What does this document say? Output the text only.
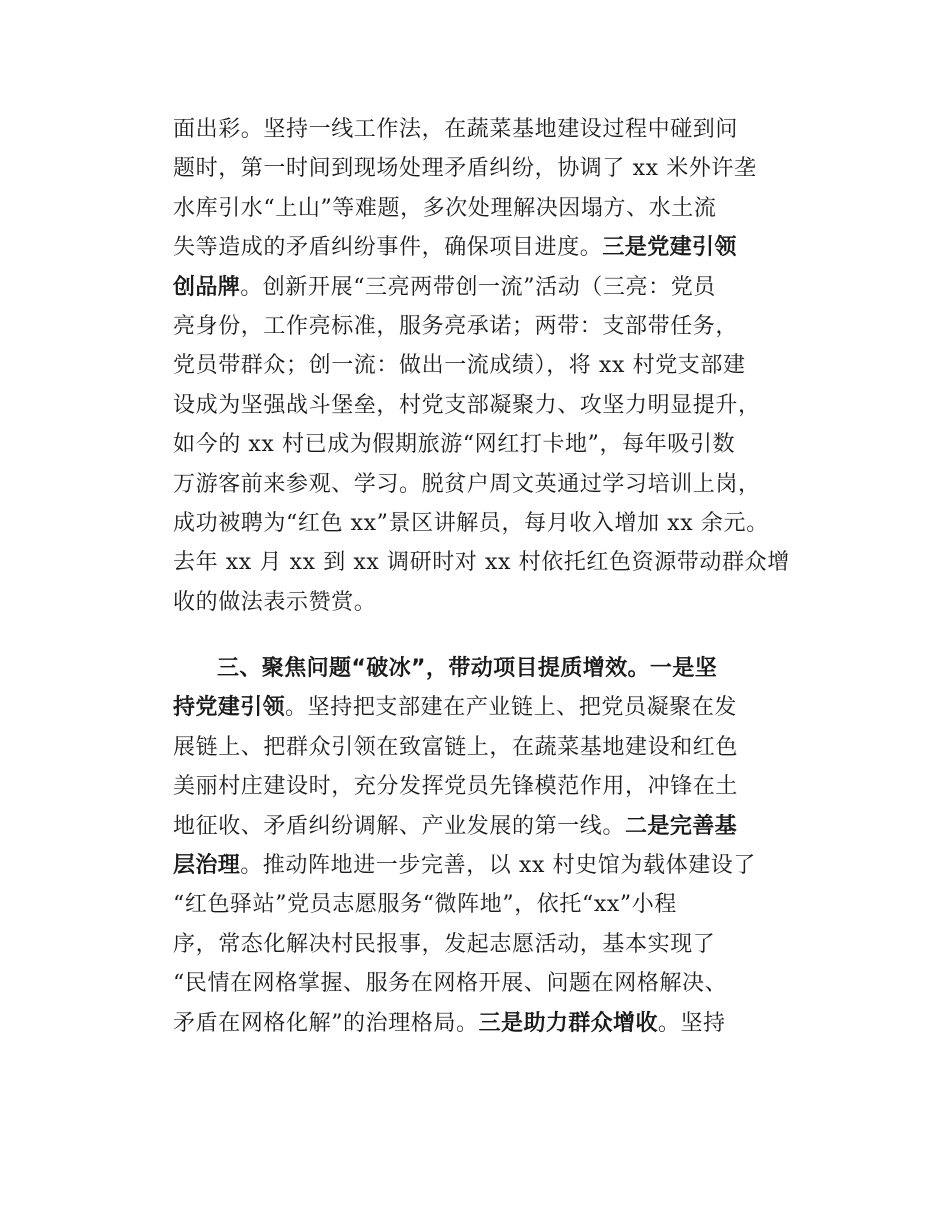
面出彩。坚持一线工作法，在蔬菜基地建设过程中碰到问
题时，第一时间到现场处理矛盾纠纷，协调了 xx 米外许垄
水库引水“上山”等难题，多次处理解决因塌方、水土流
失等造成的矛盾纠纷事件，确保项目进度。三是党建引领
创品牌。创新开展“三亮两带创一流”活动（三亮：党员
亮身份，工作亮标准，服务亮承诺；两带：支部带任务，
党员带群众；创一流：做出一流成绩），将 xx 村党支部建
设成为坚强战斗堡垒，村党支部凝聚力、攻坚力明显提升，
如今的 xx 村已成为假期旅游“网红打卡地”，每年吸引数
万游客前来参观、学习。脱贫户周文英通过学习培训上岗，
成功被聘为“红色 xx”景区讲解员，每月收入增加 xx 余元。
去年 xx 月 xx 到 xx 调研时对 xx 村依托红色资源带动群众增
收的做法表示赞赏。
三、聚焦问题“破冰”，带动项目提质增效。一是坚
持党建引领。坚持把支部建在产业链上、把党员凝聚在发
展链上、把群众引领在致富链上，在蔬菜基地建设和红色
美丽村庄建设时，充分发挥党员先锋模范作用，冲锋在土
地征收、矛盾纠纷调解、产业发展的第一线。二是完善基
层治理。推动阵地进一步完善，以 xx 村史馆为载体建设了
“红色驿站”党员志愿服务“微阵地”，依托“xx”小程
序，常态化解决村民报事，发起志愿活动，基本实现了
“民情在网格掌握、服务在网格开展、问题在网格解决、
矛盾在网格化解”的治理格局。三是助力群众增收。坚持
